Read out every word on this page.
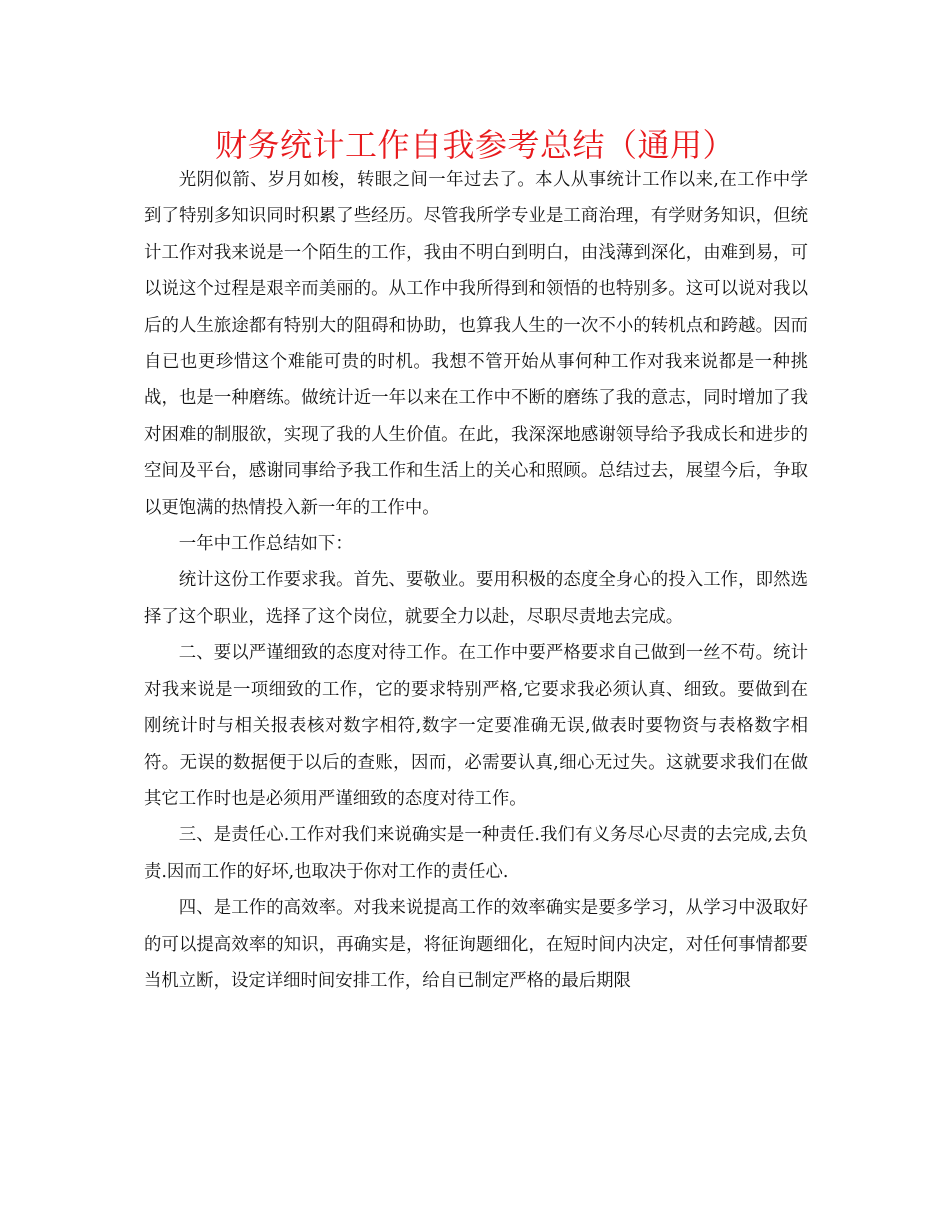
财务统计工作自我参考总结（通用）

光阴似箭、岁月如梭，转眼之间一年过去了。本人从事统计工作以来,在工作中学到了特别多知识同时积累了些经历。尽管我所学专业是工商治理，有学财务知识，但统计工作对我来说是一个陌生的工作，我由不明白到明白，由浅薄到深化，由难到易，可以说这个过程是艰辛而美丽的。从工作中我所得到和领悟的也特别多。这可以说对我以后的人生旅途都有特别大的阻碍和协助，也算我人生的一次不小的转机点和跨越。因而自已也更珍惜这个难能可贵的时机。我想不管开始从事何种工作对我来说都是一种挑战，也是一种磨练。做统计近一年以来在工作中不断的磨练了我的意志，同时增加了我对困难的制服欲，实现了我的人生价值。在此，我深深地感谢领导给予我成长和进步的空间及平台，感谢同事给予我工作和生活上的关心和照顾。总结过去，展望今后，争取以更饱满的热情投入新一年的工作中。

一年中工作总结如下：

统计这份工作要求我。首先、要敬业。要用积极的态度全身心的投入工作，即然选择了这个职业，选择了这个岗位，就要全力以赴，尽职尽责地去完成。

二、要以严谨细致的态度对待工作。在工作中要严格要求自己做到一丝不苟。统计对我来说是一项细致的工作，它的要求特别严格,它要求我必须认真、细致。要做到在刚统计时与相关报表核对数字相符,数字一定要准确无误,做表时要物资与表格数字相符。无误的数据便于以后的查账，因而，必需要认真,细心无过失。这就要求我们在做其它工作时也是必须用严谨细致的态度对待工作。

三、是责任心.工作对我们来说确实是一种责任.我们有义务尽心尽责的去完成,去负责.因而工作的好坏,也取决于你对工作的责任心.

四、是工作的高效率。对我来说提高工作的效率确实是要多学习，从学习中汲取好的可以提高效率的知识，再确实是，将征询题细化，在短时间内决定，对任何事情都要当机立断，设定详细时间安排工作，给自已制定严格的最后期限
